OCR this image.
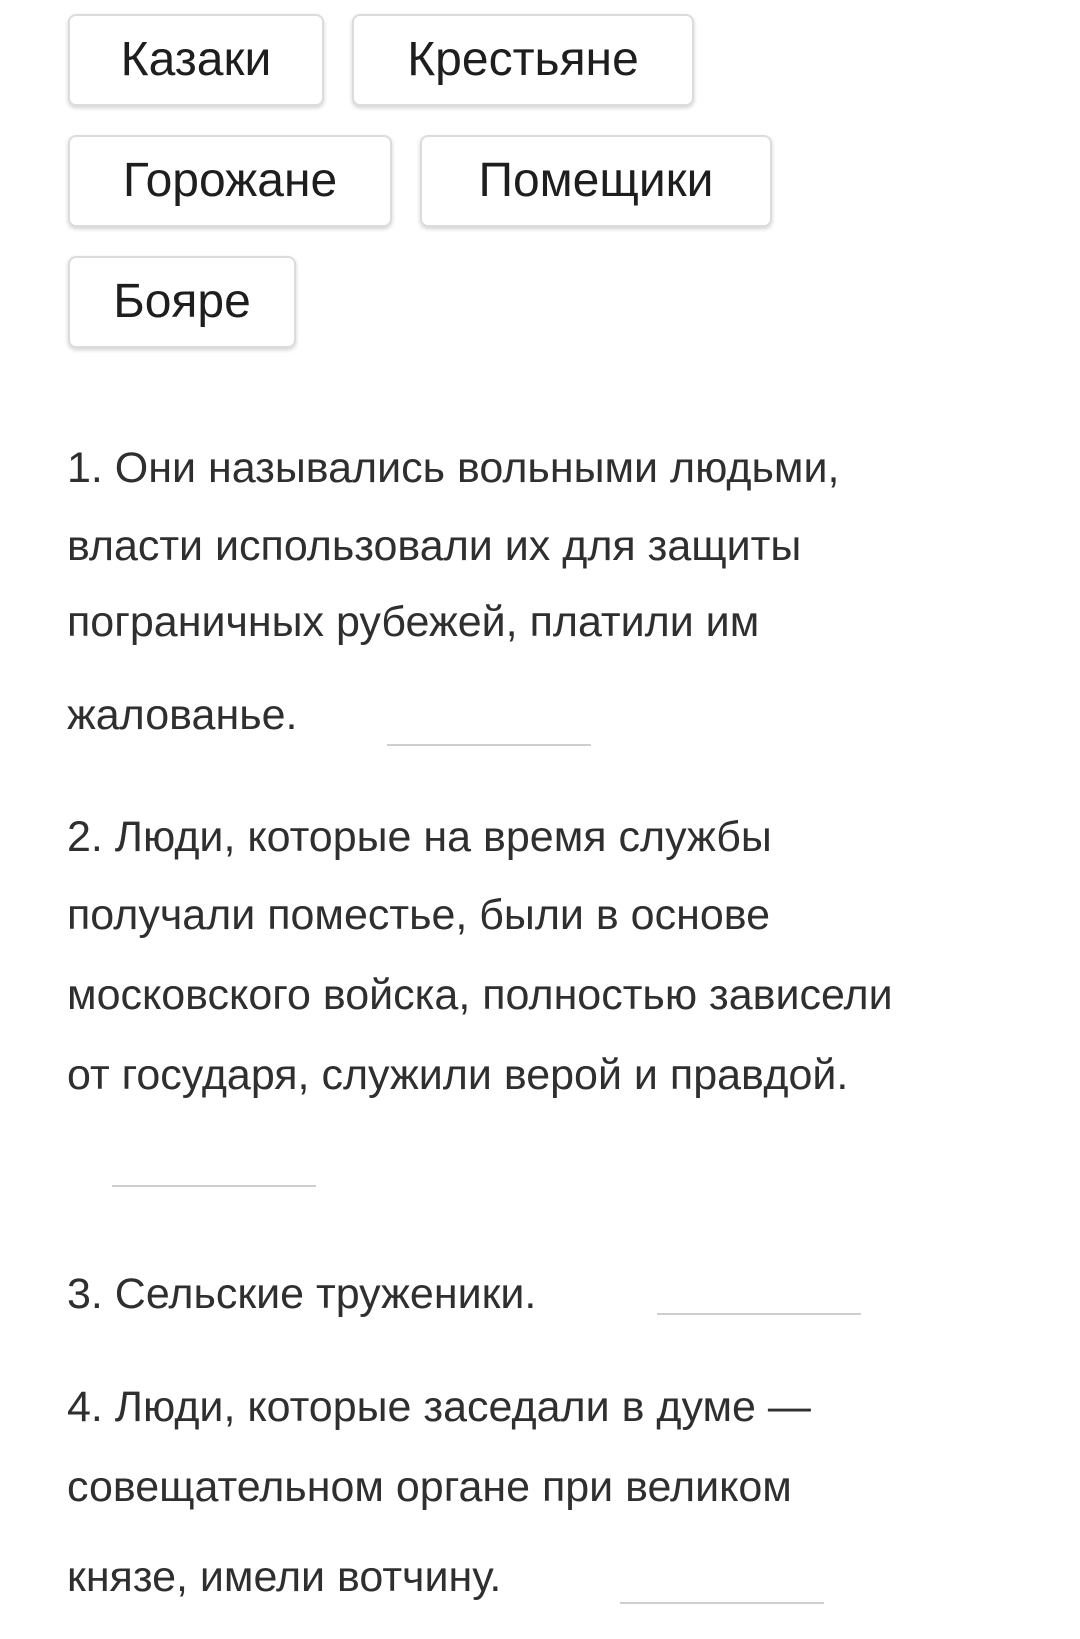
Казаки	Крестьяне
Горожане	Помещики
Бояре
1. Они назывались вольными людьми,
власти использовали их для защиты
пограничных рубежей, платили им
жалованье.
2. Люди, которые на время службы
получали поместье, были в основе
московского войска, полностью зависели
от государя, служили верой и правдой.
3. Сельские труженики.
4. Люди, которые заседали в думе —
совещательном органе при великом
князе, имели вотчину.
